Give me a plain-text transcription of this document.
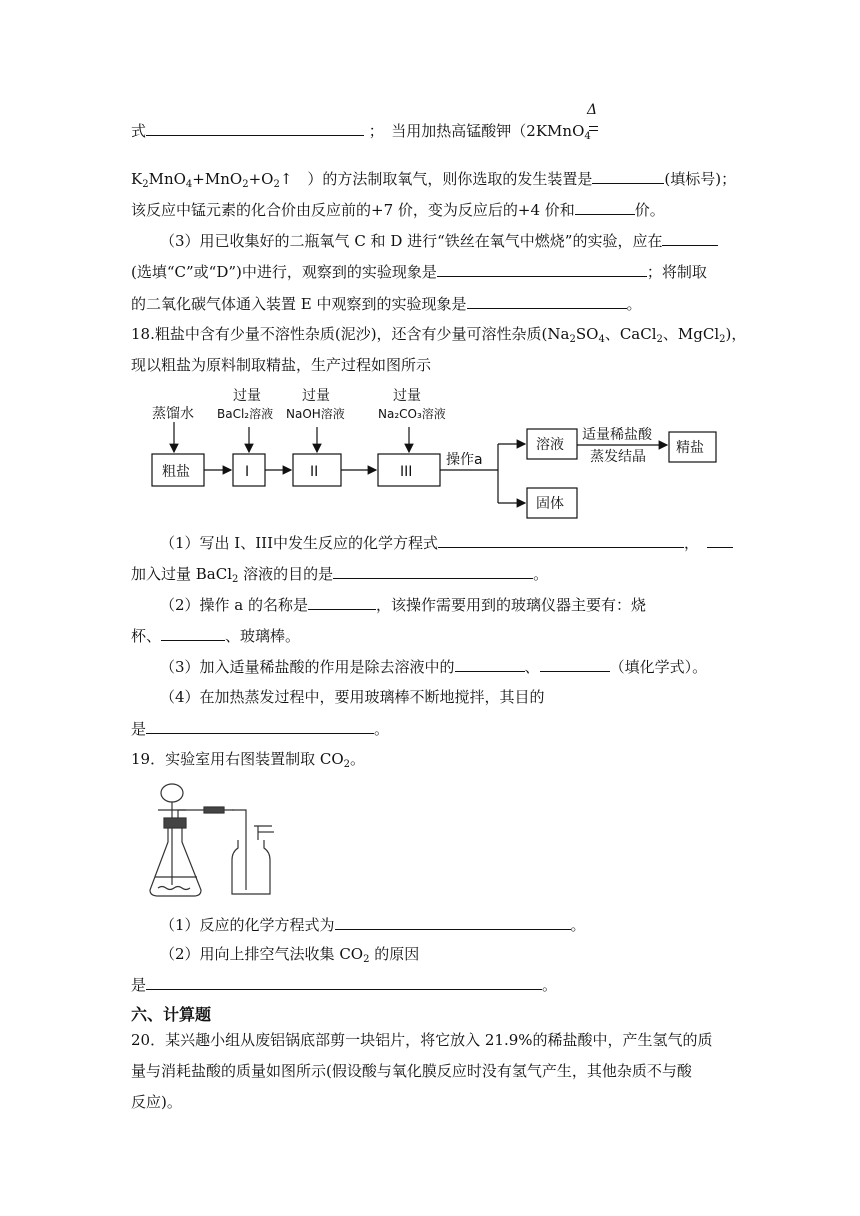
式	；　当用加热高锰酸钾（2KMnO$_4$
Δ
$K_2MnO_4+MnO_2+O_2↑$　）的方法制取氧气，则你选取的发生装置是	(填标号)；
该反应中锰元素的化合价由反应前的+7 价，变为反应后的+4 价和	价。
（3）用已收集好的二瓶氧气 C 和 D 进行“铁丝在氧气中燃烧”的实验，应在
(选填“C”或“D”)中进行，观察到的实验现象是	；将制取
的二氧化碳气体通入装置 E 中观察到的实验现象是	。
18.粗盐中含有少量不溶性杂质(泥沙)，还含有少量可溶性杂质($Na_2SO_4$、CaCl$_2$、MgCl$_2$)，
现以粗盐为原料制取精盐，生产过程如图所示
蒸馏水
过量
BaCl₂溶液
过量
NaOH溶液
过量
Na₂CO₃溶液
粗盐	I	II	III
操作a
溶液
固体
适量稀盐酸
蒸发结晶
精盐
（1）写出 I、III中发生反应的化学方程式	，
加入过量 BaCl$_2$ 溶液的目的是	。
（2）操作 a 的名称是	，该操作需要用到的玻璃仪器主要有：烧
杯、	、玻璃棒。
（3）加入适量稀盐酸的作用是除去溶液中的	、	（填化学式）。
（4）在加热蒸发过程中，要用玻璃棒不断地搅拌，其目的
是	。
19．实验室用右图装置制取 $CO_2$。
（1）反应的化学方程式为	。
（2）用向上排空气法收集 $CO_2$ 的原因
是	。
六、计算题
20．某兴趣小组从废铝锅底部剪一块铝片，将它放入 21.9%的稀盐酸中，产生氢气的质
量与消耗盐酸的质量如图所示(假设酸与氧化膜反应时没有氢气产生，其他杂质不与酸
反应)。
